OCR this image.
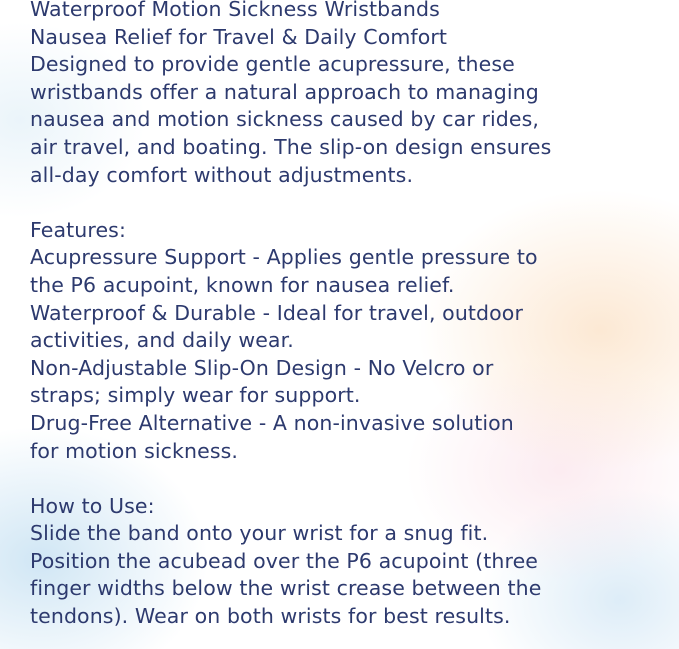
Waterproof Motion Sickness Wristbands
Nausea Relief for Travel & Daily Comfort
Designed to provide gentle acupressure, these
wristbands offer a natural approach to managing
nausea and motion sickness caused by car rides,
air travel, and boating. The slip-on design ensures
all-day comfort without adjustments.
Features:
Acupressure Support - Applies gentle pressure to
the P6 acupoint, known for nausea relief.
Waterproof & Durable - Ideal for travel, outdoor
activities, and daily wear.
Non-Adjustable Slip-On Design - No Velcro or
straps; simply wear for support.
Drug-Free Alternative - A non-invasive solution
for motion sickness.
How to Use:
Slide the band onto your wrist for a snug fit.
Position the acubead over the P6 acupoint (three
finger widths below the wrist crease between the
tendons). Wear on both wrists for best results.
